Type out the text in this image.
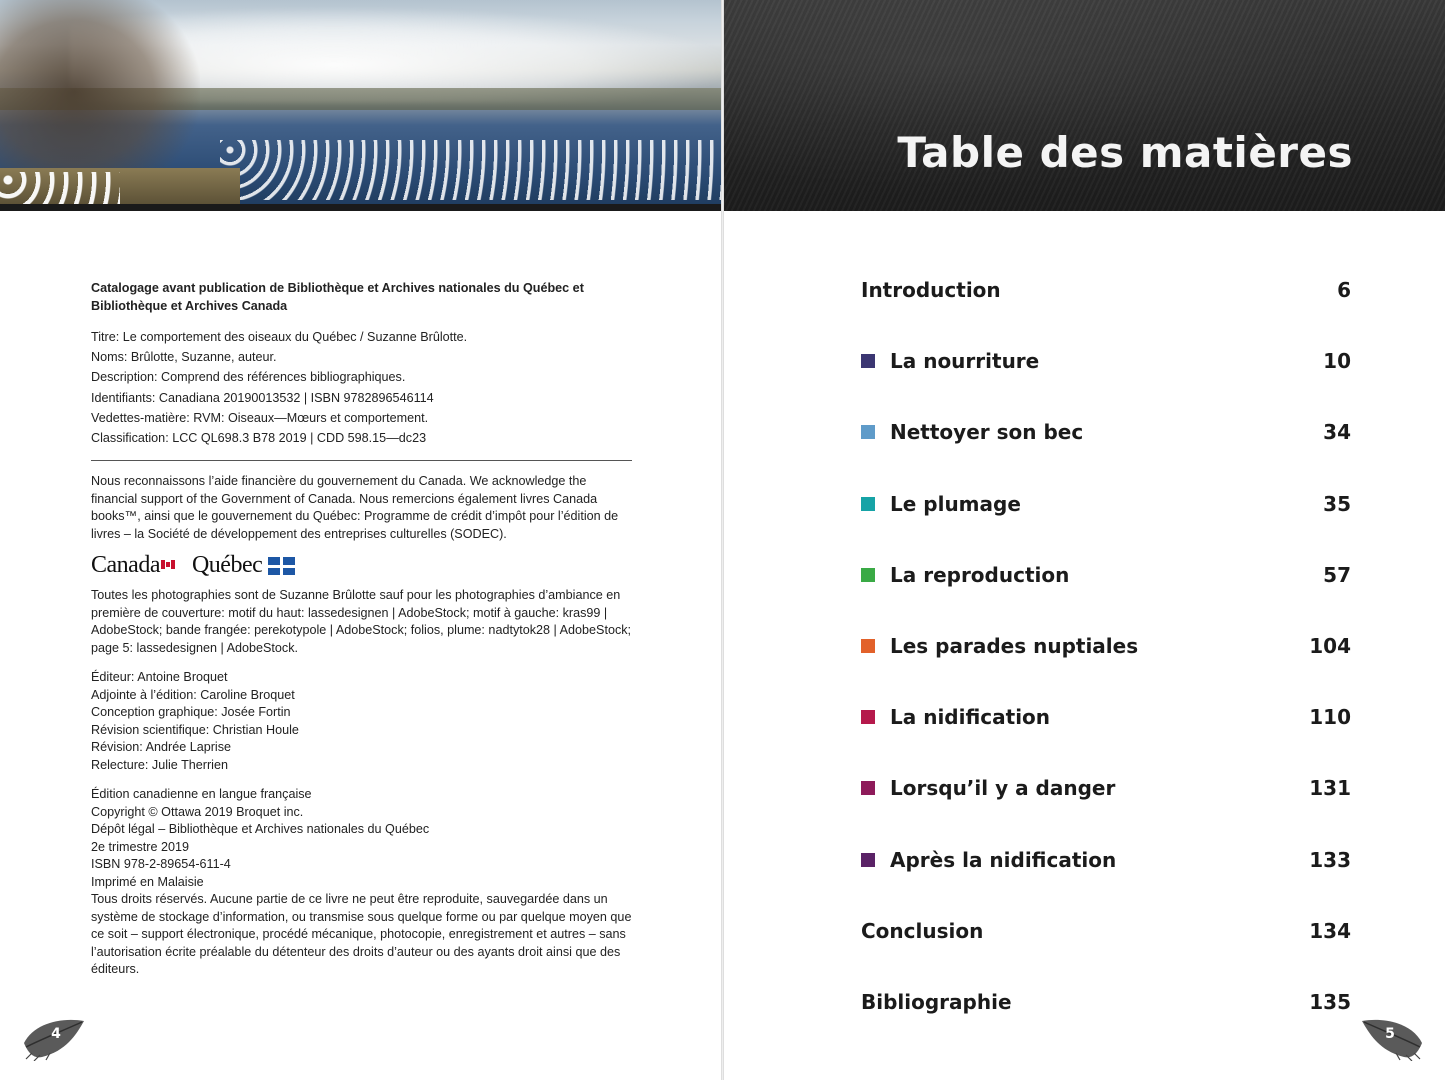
Catalogage avant publication de Bibliothèque et Archives nationales du Québec et Bibliothèque et Archives Canada

Titre: Le comportement des oiseaux du Québec / Suzanne Brûlotte.

Noms: Brûlotte, Suzanne, auteur.

Description: Comprend des références bibliographiques.

Identifiants: Canadiana 20190013532 | ISBN 9782896546114

Vedettes-matière: RVM: Oiseaux—Mœurs et comportement.

Classification: LCC QL698.3 B78 2019 | CDD 598.15—dc23

Nous reconnaissons l’aide financière du gouvernement du Canada. We acknowledge the financial support of the Government of Canada. Nous remercions également livres Canada books™, ainsi que le gouvernement du Québec: Programme de crédit d’impôt pour l’édition de livres – la Société de développement des entreprises culturelles (SODEC).

Canada	Québec

Toutes les photographies sont de Suzanne Brûlotte sauf pour les photographies d’ambiance en première de couverture: motif du haut: lassedesignen | AdobeStock; motif à gauche: kras99 | AdobeStock; bande frangée: perekotypole | AdobeStock; folios, plume: nadtytok28 | AdobeStock; page 5: lassedesignen | AdobeStock.

Éditeur: Antoine Broquet

Adjointe à l’édition: Caroline Broquet

Conception graphique: Josée Fortin

Révision scientifique: Christian Houle

Révision: Andrée Laprise

Relecture: Julie Therrien

Édition canadienne en langue française

Copyright © Ottawa 2019 Broquet inc.

Dépôt légal – Bibliothèque et Archives nationales du Québec

2e trimestre 2019

ISBN 978-2-89654-611-4

Imprimé en Malaisie

Tous droits réservés. Aucune partie de ce livre ne peut être reproduite, sauvegardée dans un système de stockage d’information, ou transmise sous quelque forme ou par quelque moyen que ce soit – support électronique, procédé mécanique, photocopie, enregistrement et autres – sans l’autorisation écrite préalable du détenteur des droits d’auteur ou des ayants droit ainsi que des éditeurs.

4
Table des matières
Introduction	6
La nourriture	10
Nettoyer son bec	34
Le plumage	35
La reproduction	57
Les parades nuptiales	104
La nidification	110
Lorsqu’il y a danger	131
Après la nidification	133
Conclusion	134
Bibliographie	135
5
